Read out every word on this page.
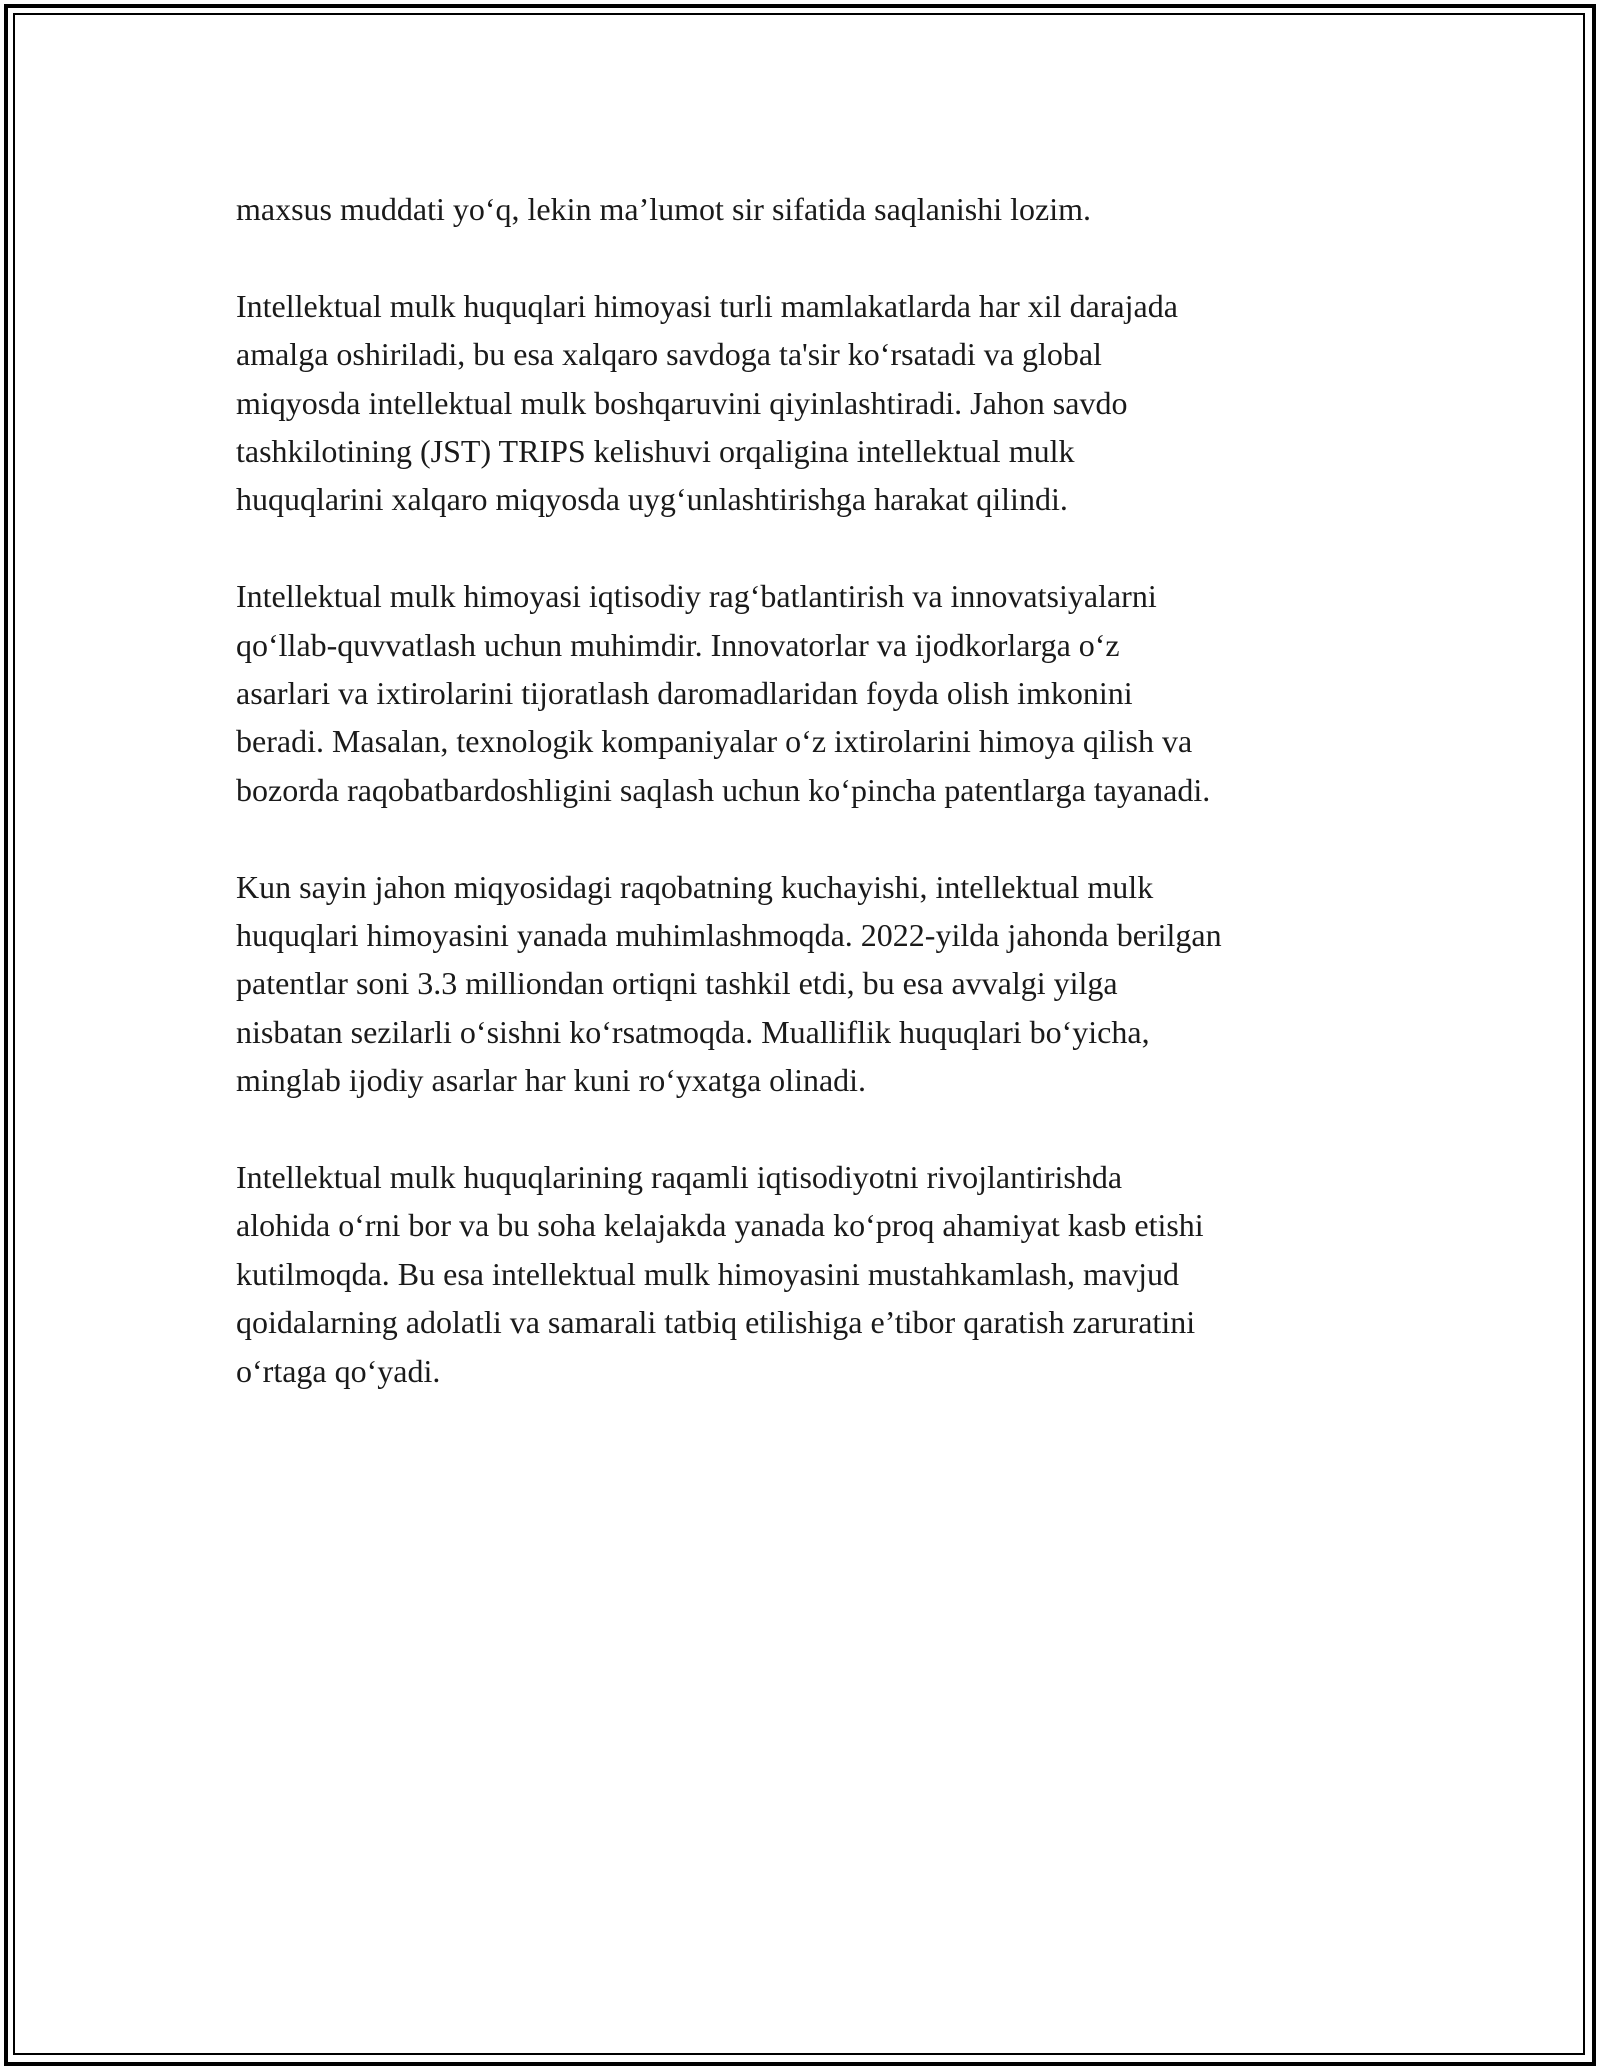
maxsus muddati yo‘q, lekin ma’lumot sir sifatida saqlanishi lozim.

Intellektual mulk huquqlari himoyasi turli mamlakatlarda har xil darajada
amalga oshiriladi, bu esa xalqaro savdoga ta'sir ko‘rsatadi va global
miqyosda intellektual mulk boshqaruvini qiyinlashtiradi. Jahon savdo
tashkilotining (JST) TRIPS kelishuvi orqaligina intellektual mulk
huquqlarini xalqaro miqyosda uyg‘unlashtirishga harakat qilindi.

Intellektual mulk himoyasi iqtisodiy rag‘batlantirish va innovatsiyalarni
qo‘llab-quvvatlash uchun muhimdir. Innovatorlar va ijodkorlarga o‘z
asarlari va ixtirolarini tijoratlash daromadlaridan foyda olish imkonini
beradi. Masalan, texnologik kompaniyalar o‘z ixtirolarini himoya qilish va
bozorda raqobatbardoshligini saqlash uchun ko‘pincha patentlarga tayanadi.

Kun sayin jahon miqyosidagi raqobatning kuchayishi, intellektual mulk
huquqlari himoyasini yanada muhimlashmoqda. 2022-yilda jahonda berilgan
patentlar soni 3.3 milliondan ortiqni tashkil etdi, bu esa avvalgi yilga
nisbatan sezilarli o‘sishni ko‘rsatmoqda. Mualliflik huquqlari bo‘yicha,
minglab ijodiy asarlar har kuni ro‘yxatga olinadi.

Intellektual mulk huquqlarining raqamli iqtisodiyotni rivojlantirishda
alohida o‘rni bor va bu soha kelajakda yanada ko‘proq ahamiyat kasb etishi
kutilmoqda. Bu esa intellektual mulk himoyasini mustahkamlash, mavjud
qoidalarning adolatli va samarali tatbiq etilishiga e’tibor qaratish zaruratini
o‘rtaga qo‘yadi.
